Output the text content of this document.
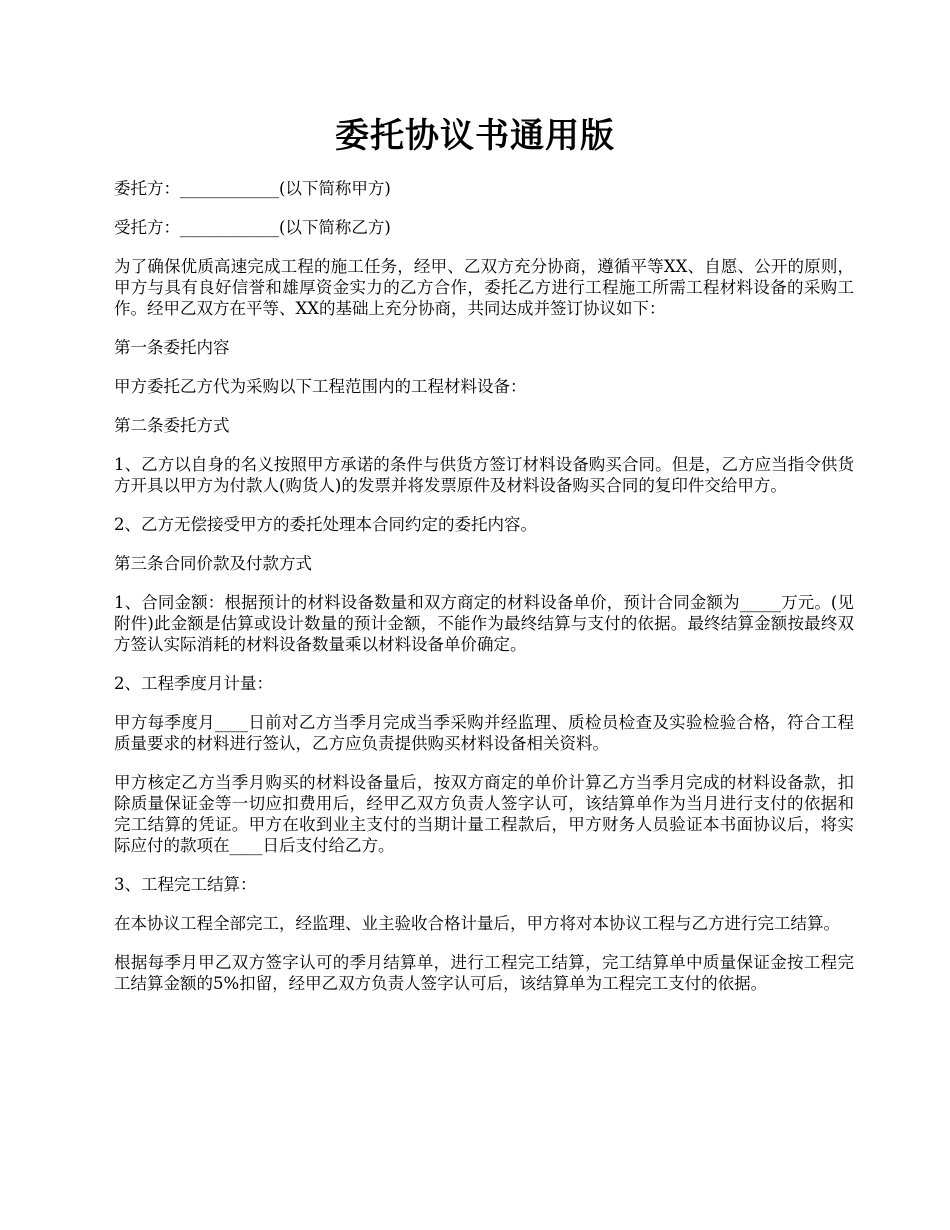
委托协议书通用版

委托方：____________(以下简称甲方)

受托方：____________(以下简称乙方)

为了确保优质高速完成工程的施工任务，经甲、乙双方充分协商，遵循平等XX、自愿、公开的原则，甲方与具有良好信誉和雄厚资金实力的乙方合作，委托乙方进行工程施工所需工程材料设备的采购工作。经甲乙双方在平等、XX的基础上充分协商，共同达成并签订协议如下：

第一条委托内容

甲方委托乙方代为采购以下工程范围内的工程材料设备：

第二条委托方式

1、乙方以自身的名义按照甲方承诺的条件与供货方签订材料设备购买合同。但是，乙方应当指令供货方开具以甲方为付款人(购货人)的发票并将发票原件及材料设备购买合同的复印件交给甲方。

2、乙方无偿接受甲方的委托处理本合同约定的委托内容。

第三条合同价款及付款方式

1、合同金额：根据预计的材料设备数量和双方商定的材料设备单价，预计合同金额为_____万元。(见附件)此金额是估算或设计数量的预计金额，不能作为最终结算与支付的依据。最终结算金额按最终双方签认实际消耗的材料设备数量乘以材料设备单价确定。

2、工程季度月计量：

甲方每季度月____日前对乙方当季月完成当季采购并经监理、质检员检查及实验检验合格，符合工程质量要求的材料进行签认，乙方应负责提供购买材料设备相关资料。

甲方核定乙方当季月购买的材料设备量后，按双方商定的单价计算乙方当季月完成的材料设备款，扣除质量保证金等一切应扣费用后，经甲乙双方负责人签字认可，该结算单作为当月进行支付的依据和完工结算的凭证。甲方在收到业主支付的当期计量工程款后，甲方财务人员验证本书面协议后，将实际应付的款项在____日后支付给乙方。

3、工程完工结算：

在本协议工程全部完工，经监理、业主验收合格计量后，甲方将对本协议工程与乙方进行完工结算。

根据每季月甲乙双方签字认可的季月结算单，进行工程完工结算，完工结算单中质量保证金按工程完工结算金额的5%扣留，经甲乙双方负责人签字认可后，该结算单为工程完工支付的依据。
